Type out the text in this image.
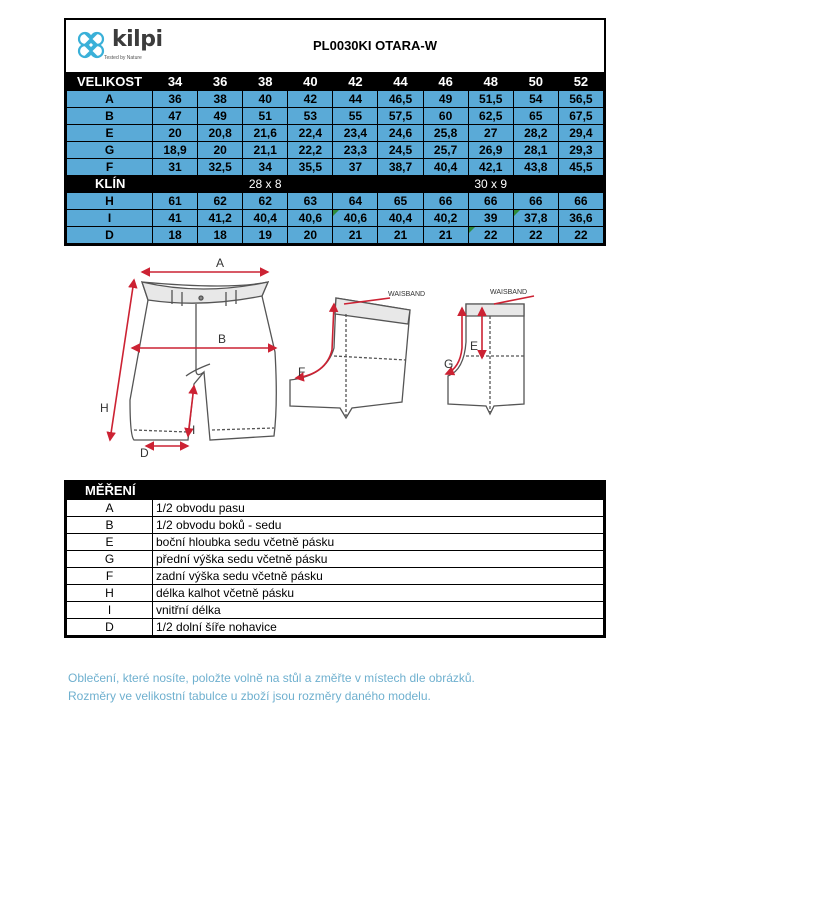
kilpi
Tested by Nature
PL0030KI OTARA-W
VELIKOST	34	36	38	40	42	44	46	48	50	52
A	36	38	40	42	44	46,5	49	51,5	54	56,5
B	47	49	51	53	55	57,5	60	62,5	65	67,5
E	20	20,8	21,6	22,4	23,4	24,6	25,8	27	28,2	29,4
G	18,9	20	21,1	22,2	23,3	24,5	25,7	26,9	28,1	29,3
F	31	32,5	34	35,5	37	38,7	40,4	42,1	43,8	45,5
KLÍN	28 x 8					30 x 9				
H	61	62	62	63	64	65	66	66	66	66
I	41	41,2	40,4	40,6	40,6	40,4	40,2	39	37,8	36,6
D	18	18	19	20	21	21	21	22	22	22
A
B
H
D
I
F
WAISBAND
E
G
WAISBAND
MĚŘENÍ	
A	1/2 obvodu pasu
B	1/2 obvodu boků - sedu
E	boční hloubka sedu včetně pásku
G	přední výška sedu včetně pásku
F	zadní výška sedu včetně pásku
H	délka kalhot včetně pásku
I	vnitřní délka
D	1/2 dolní šíře nohavice
Oblečení, které nosíte, položte volně na stůl a změřte v místech dle obrázků.
Rozměry ve velikostní tabulce u zboží jsou rozměry daného modelu.
